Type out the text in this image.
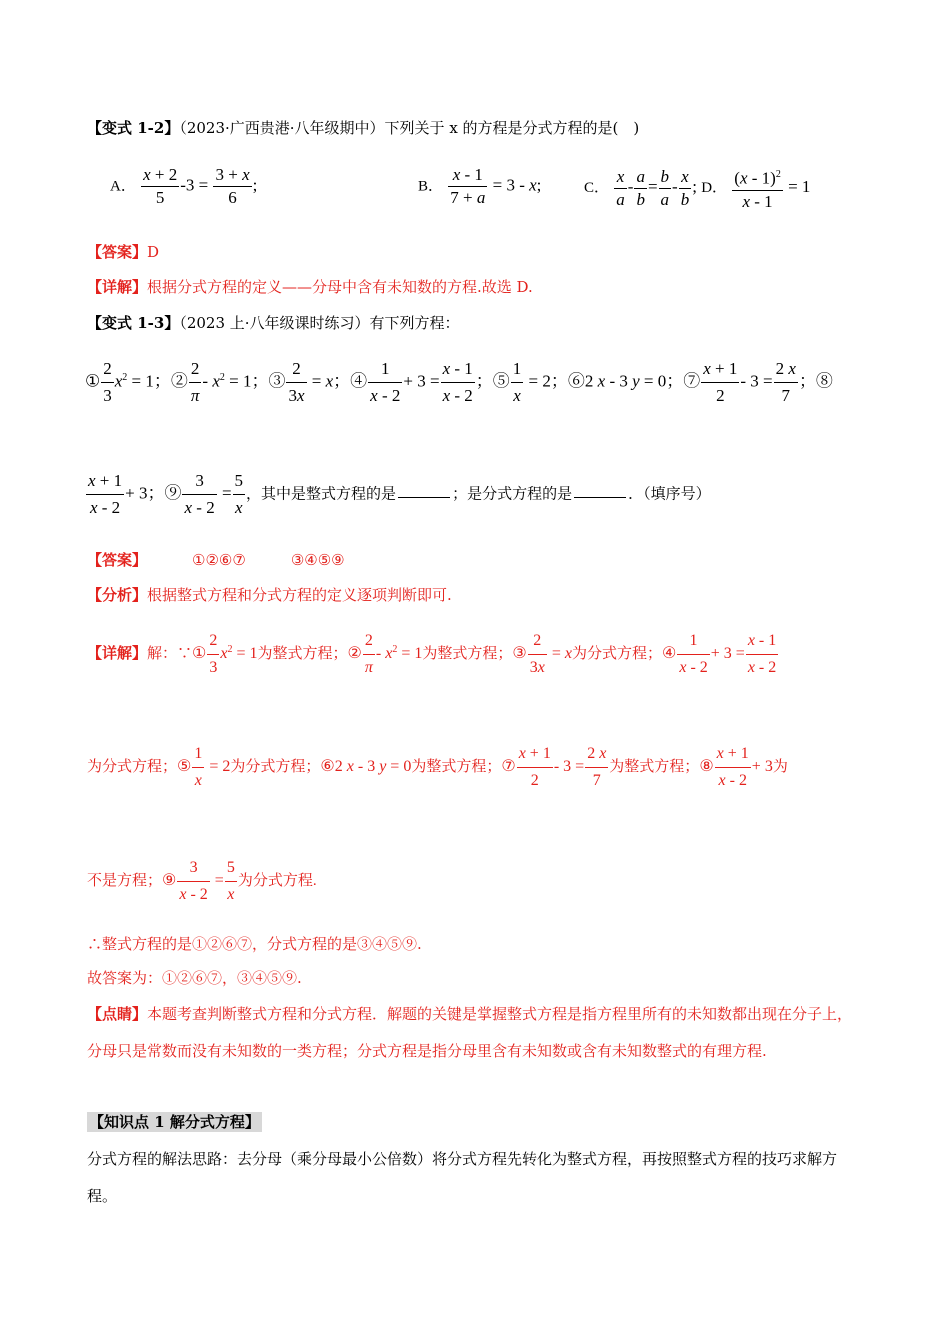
【变式 1-2】（2023·广西贵港·八年级期中）下列关于 x 的方程是分式方程的是(　)
A． $\frac{x + 2}{5} -3 = \frac{3 + x}{6}$ ;	B． $\frac{x - 1}{7 + a} = 3 - x$;	C． $\frac{x}{a} - \frac{a}{b} = \frac{b}{a} - \frac{x}{b}$ ; D． $\frac{(x - 1)^2}{x - 1} = 1$
【答案】D
【详解】根据分式方程的定义——分母中含有未知数的方程.故选 D.
【变式 1-3】（2023 上·八年级课时练习）有下列方程：
① $\frac{2}{3} x^2 = 1$；② $\frac{2}{\pi} - x^2 = 1$；③ $\frac{2}{3x} = x$；④ $\frac{1}{x - 2} + 3 = \frac{x - 1}{x - 2}$ ；⑤ $\frac{1}{x} = 2$；⑥2 x - 3 y = 0；⑦ $\frac{x + 1}{2} - 3 = \frac{2 x}{7}$ ；⑧
$\frac{x + 1}{x - 2} + 3$；⑨ $\frac{3}{x - 2} = \frac{5}{x}$ ，其中是整式方程的是	；是分式方程的是	．（填序号）
【答案】	①②⑥⑦	③④⑤⑨
【分析】根据整式方程和分式方程的定义逐项判断即可.
【详解】解：∵① $\frac{2}{3} x^2 = 1$为整式方程；② $\frac{2}{\pi} - x^2 = 1$为整式方程；③ $\frac{2}{3x} = x$为分式方程；④ $\frac{1}{x - 2} + 3 = \frac{x - 1}{x - 2}$
为分式方程；⑤ $\frac{1}{x} = 2$为分式方程；⑥2 x - 3 y = 0为整式方程；⑦ $\frac{x + 1}{2} - 3 = \frac{2 x}{7}$ 为整式方程；⑧ $\frac{x + 1}{x - 2} + 3$为
不是方程；⑨ $\frac{3}{x - 2} = \frac{5}{x}$ 为分式方程.
∴整式方程的是①②⑥⑦，分式方程的是③④⑤⑨.
故答案为：①②⑥⑦，③④⑤⑨.
【点睛】本题考查判断整式方程和分式方程．解题的关键是掌握整式方程是指方程里所有的未知数都出现在分子上，分母只是常数而没有未知数的一类方程；分式方程是指分母里含有未知数或含有未知数整式的有理方程.
【知识点 1 解分式方程】
分式方程的解法思路：去分母（乘分母最小公倍数）将分式方程先转化为整式方程，再按照整式方程的技巧求解方程。
